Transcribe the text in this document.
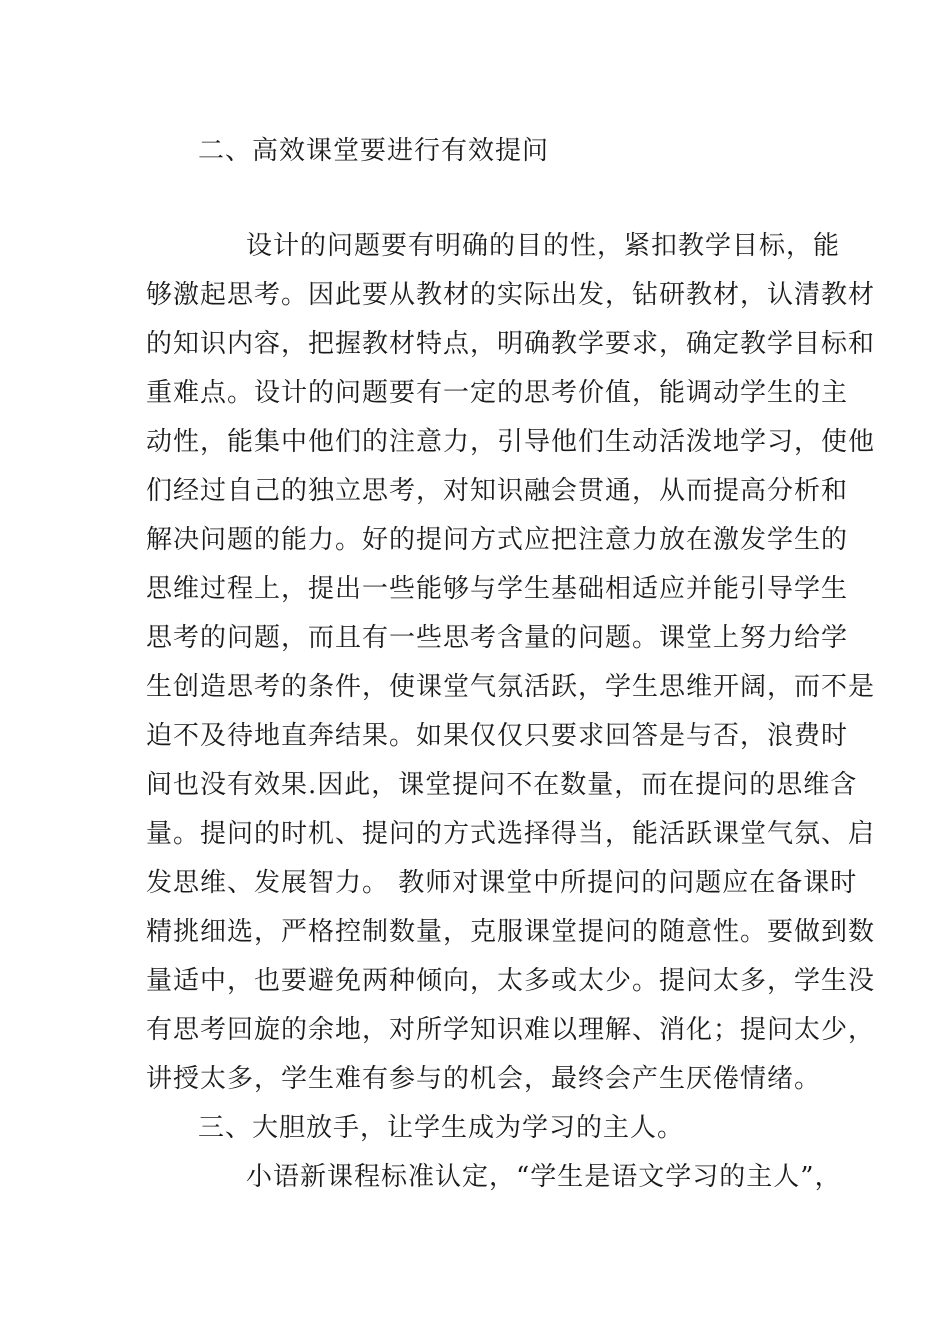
二、高效课堂要进行有效提问
设计的问题要有明确的目的性，紧扣教学目标，能
够激起思考。因此要从教材的实际出发，钻研教材，认清教材
的知识内容，把握教材特点，明确教学要求，确定教学目标和
重难点。设计的问题要有一定的思考价值，能调动学生的主
动性，能集中他们的注意力，引导他们生动活泼地学习，使他
们经过自己的独立思考，对知识融会贯通，从而提高分析和
解决问题的能力。好的提问方式应把注意力放在激发学生的
思维过程上，提出一些能够与学生基础相适应并能引导学生
思考的问题，而且有一些思考含量的问题。课堂上努力给学
生创造思考的条件，使课堂气氛活跃，学生思维开阔，而不是
迫不及待地直奔结果。如果仅仅只要求回答是与否，浪费时
间也没有效果.因此，课堂提问不在数量，而在提问的思维含
量。提问的时机、提问的方式选择得当，能活跃课堂气氛、启
发思维、发展智力。 教师对课堂中所提问的问题应在备课时
精挑细选，严格控制数量，克服课堂提问的随意性。要做到数
量适中，也要避免两种倾向，太多或太少。提问太多，学生没
有思考回旋的余地，对所学知识难以理解、消化；提问太少，
讲授太多，学生难有参与的机会，最终会产生厌倦情绪。
三、大胆放手，让学生成为学习的主人。
小语新课程标准认定，“学生是语文学习的主人”，
